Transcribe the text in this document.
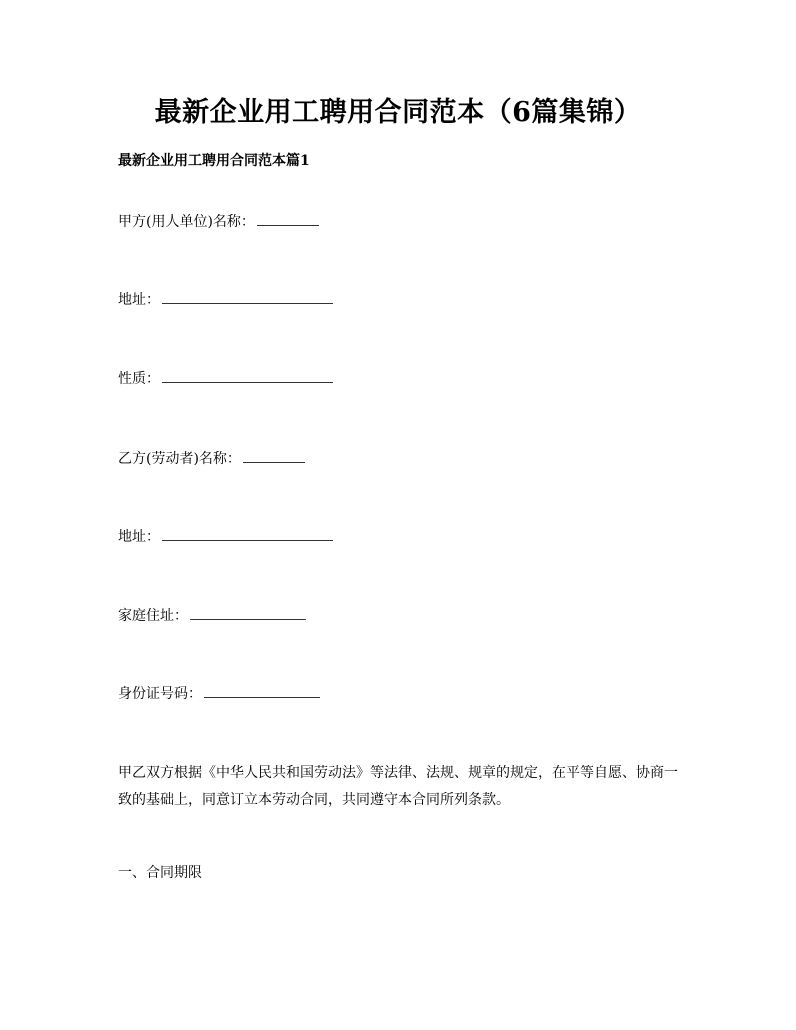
最新企业用工聘用合同范本（6篇集锦）
最新企业用工聘用合同范本篇1
甲方(用人单位)名称：
地址：
性质：
乙方(劳动者)名称：
地址：
家庭住址：
身份证号码：
甲乙双方根据《中华人民共和国劳动法》等法律、法规、规章的规定，在平等自愿、协商一致的基础上，同意订立本劳动合同，共同遵守本合同所列条款。
一、合同期限
